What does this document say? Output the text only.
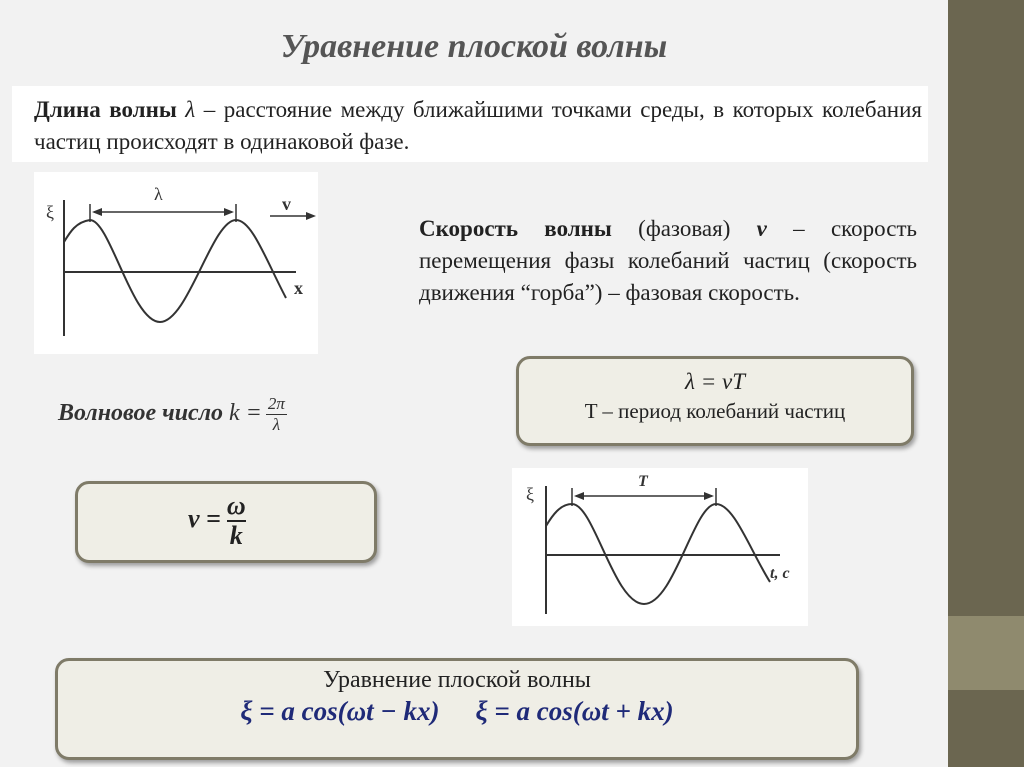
Уравнение плоской волны
Длина волны λ – расстояние между ближайшими точками среды, в которых колебания частиц происходят в одинаковой фазе.
ξ
x
λ	v
Скорость волны (фазовая) v – скорость перемещения фазы колебаний частиц (скорость движения “горба”) – фазовая скорость.
λ = vT
T – период колебаний частиц
Волновое число $k = \frac{2\pi}{\lambda}$
$v = \frac{\omega}{k}$	ξ
t, c
T
Уравнение плоской волны
ξ = a cos(ωt − kx) ξ = a cos(ωt + kx)
